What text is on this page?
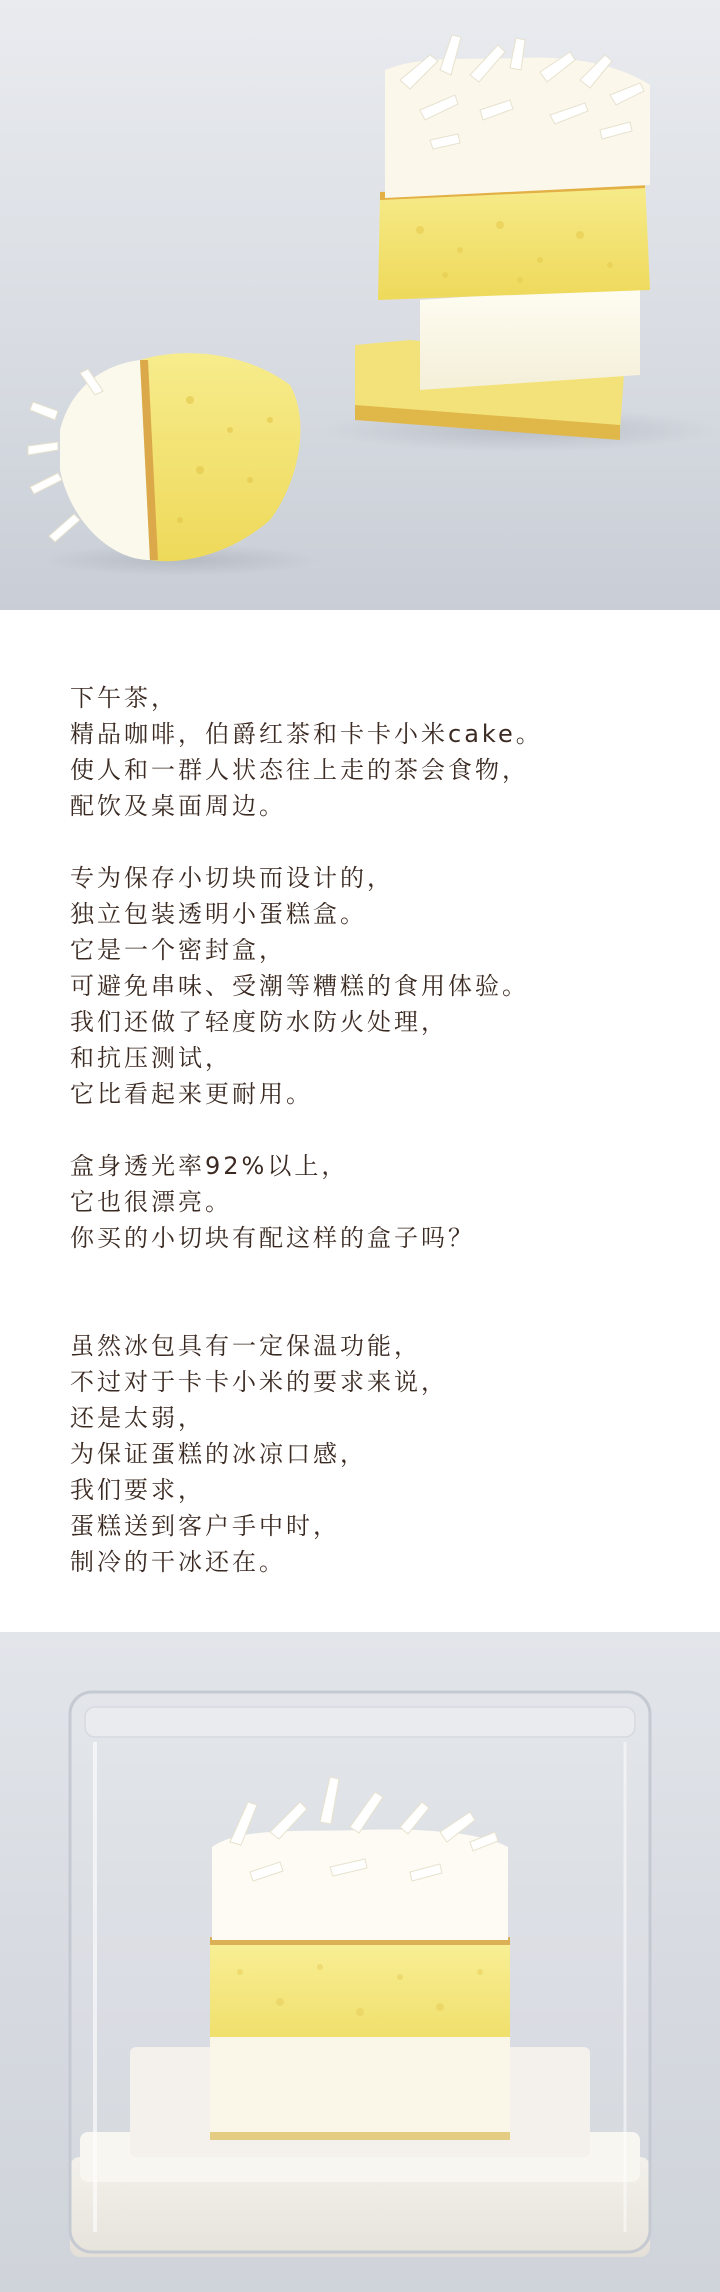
下午茶，
精品咖啡，伯爵红茶和卡卡小米cake。
使人和一群人状态往上走的茶会食物，
配饮及桌面周边。

专为保存小切块而设计的，
独立包装透明小蛋糕盒。
它是一个密封盒，
可避免串味、受潮等糟糕的食用体验。
我们还做了轻度防水防火处理，
和抗压测试，
它比看起来更耐用。

盒身透光率92%以上，
它也很漂亮。
你买的小切块有配这样的盒子吗？

虽然冰包具有一定保温功能，
不过对于卡卡小米的要求来说，
还是太弱，
为保证蛋糕的冰凉口感，
我们要求，
蛋糕送到客户手中时，
制冷的干冰还在。
